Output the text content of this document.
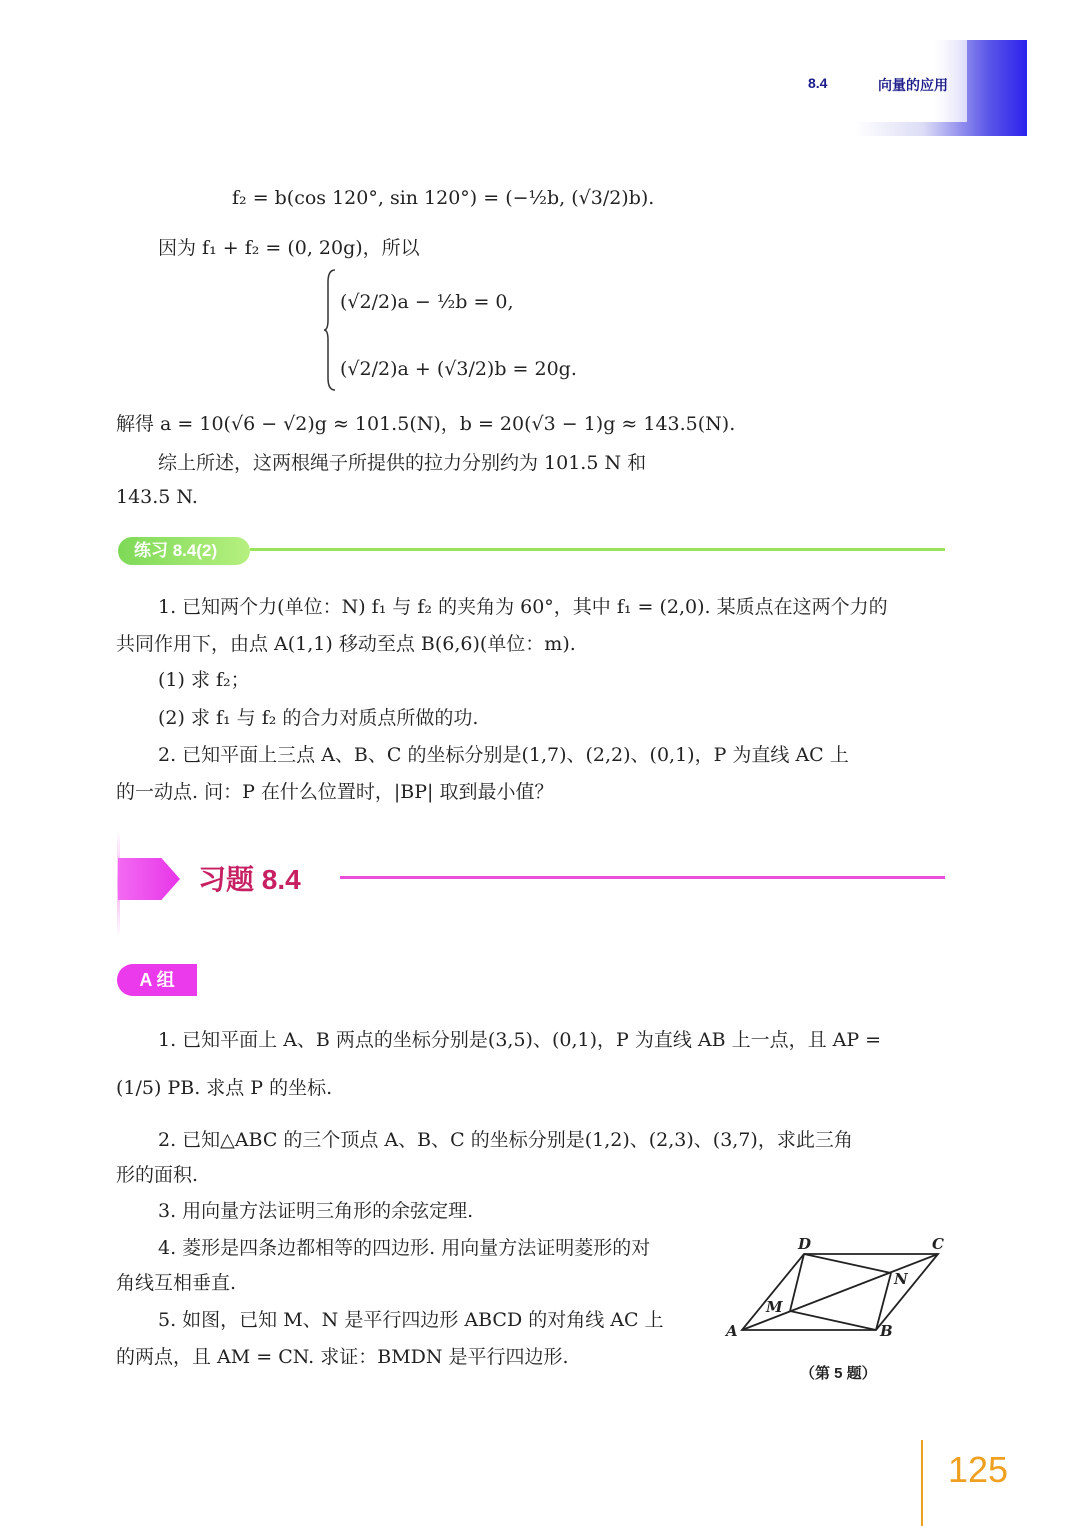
8.4	向量的应用
f₂ = b(cos 120°, sin 120°) = (−½b, (√3/2)b).
因为 f₁ + f₂ = (0, 20g)，所以
(√2/2)a − ½b = 0,
(√2/2)a + (√3/2)b = 20g.
解得 a = 10(√6 − √2)g ≈ 101.5(N)，b = 20(√3 − 1)g ≈ 143.5(N).
综上所述，这两根绳子所提供的拉力分别约为 101.5 N 和
143.5 N.
练习 8.4(2)
1. 已知两个力(单位：N) f₁ 与 f₂ 的夹角为 60°，其中 f₁ = (2,0). 某质点在这两个力的
共同作用下，由点 A(1,1) 移动至点 B(6,6)(单位：m).
(1) 求 f₂；
(2) 求 f₁ 与 f₂ 的合力对质点所做的功.
2. 已知平面上三点 A、B、C 的坐标分别是(1,7)、(2,2)、(0,1)，P 为直线 AC 上
的一动点. 问：P 在什么位置时，|BP| 取到最小值？
习题 8.4
A 组
1. 已知平面上 A、B 两点的坐标分别是(3,5)、(0,1)，P 为直线 AB 上一点，且 AP =
(1/5) PB. 求点 P 的坐标.
2. 已知△ABC 的三个顶点 A、B、C 的坐标分别是(1,2)、(2,3)、(3,7)，求此三角
形的面积.
3. 用向量方法证明三角形的余弦定理.
4. 菱形是四条边都相等的四边形. 用向量方法证明菱形的对
角线互相垂直.
5. 如图，已知 M、N 是平行四边形 ABCD 的对角线 AC 上
的两点，且 AM = CN. 求证：BMDN 是平行四边形.
A	B
C
D
M
N
（第 5 题）
125
